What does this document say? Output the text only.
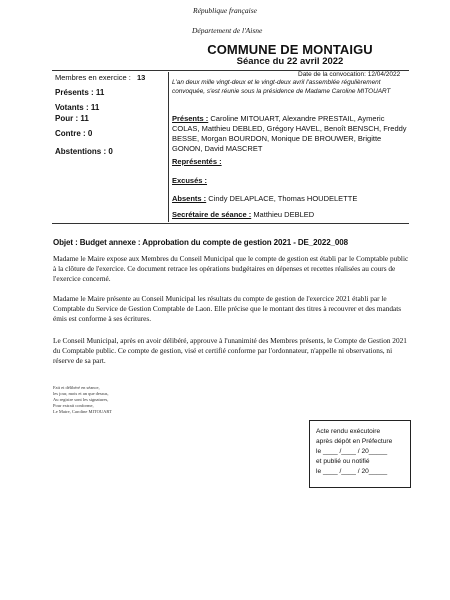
République française
Département de l'Aisne
COMMUNE DE MONTAIGU
Séance du 22 avril 2022
Membres en exercice : 13
Présents : 11
Votants : 11
Pour : 11
Contre : 0
Abstentions : 0
Date de la convocation: 12/04/2022
L'an deux mille vingt-deux et le vingt-deux avril l'assemblée régulièrement convoquée, s'est réunie sous la présidence de Madame Caroline MITOUART
Présents : Caroline MITOUART, Alexandre PRESTAIL, Aymeric COLAS, Matthieu DEBLED, Grégory HAVEL, Benoît BENSCH, Freddy BESSE, Morgan BOURDON, Monique DE BROUWER, Brigitte GONON, David MASCRET
Représentés :
Excusés :
Absents : Cindy DELAPLACE, Thomas HOUDELETTE
Secrétaire de séance : Matthieu DEBLED
Objet : Budget annexe : Approbation du compte de gestion 2021 - DE_2022_008
Madame le Maire expose aux Membres du Conseil Municipal que le compte de gestion est établi par le Comptable public à la clôture de l'exercice. Ce document retrace les opérations budgétaires en dépenses et recettes réalisées au cours de l'exercice concerné.
Madame le Maire présente au Conseil Municipal les résultats du compte de gestion de l'exercice 2021 établi par le Comptable du Service de Gestion Comptable de Laon. Elle précise que le montant des titres à recouvrer et des mandats émis est conforme à ses écritures.
Le Conseil Municipal, après en avoir délibéré, approuve à l'unanimité des Membres présents, le Compte de Gestion 2021 du Comptable public. Ce compte de gestion, visé et certifié conforme par l'ordonnateur, n'appelle ni observations, ni réserve de sa part.
Fait et délibéré en séance,
les jour, mois et an que dessus,
Au registre sont les signatures,
Pour extrait conforme,
Le Maire, Caroline MITOUART
Acte rendu exécutoire
après dépôt en Préfecture
le ____ /____ / 20_____
et publié ou notifié
le ____ /____ / 20_____
